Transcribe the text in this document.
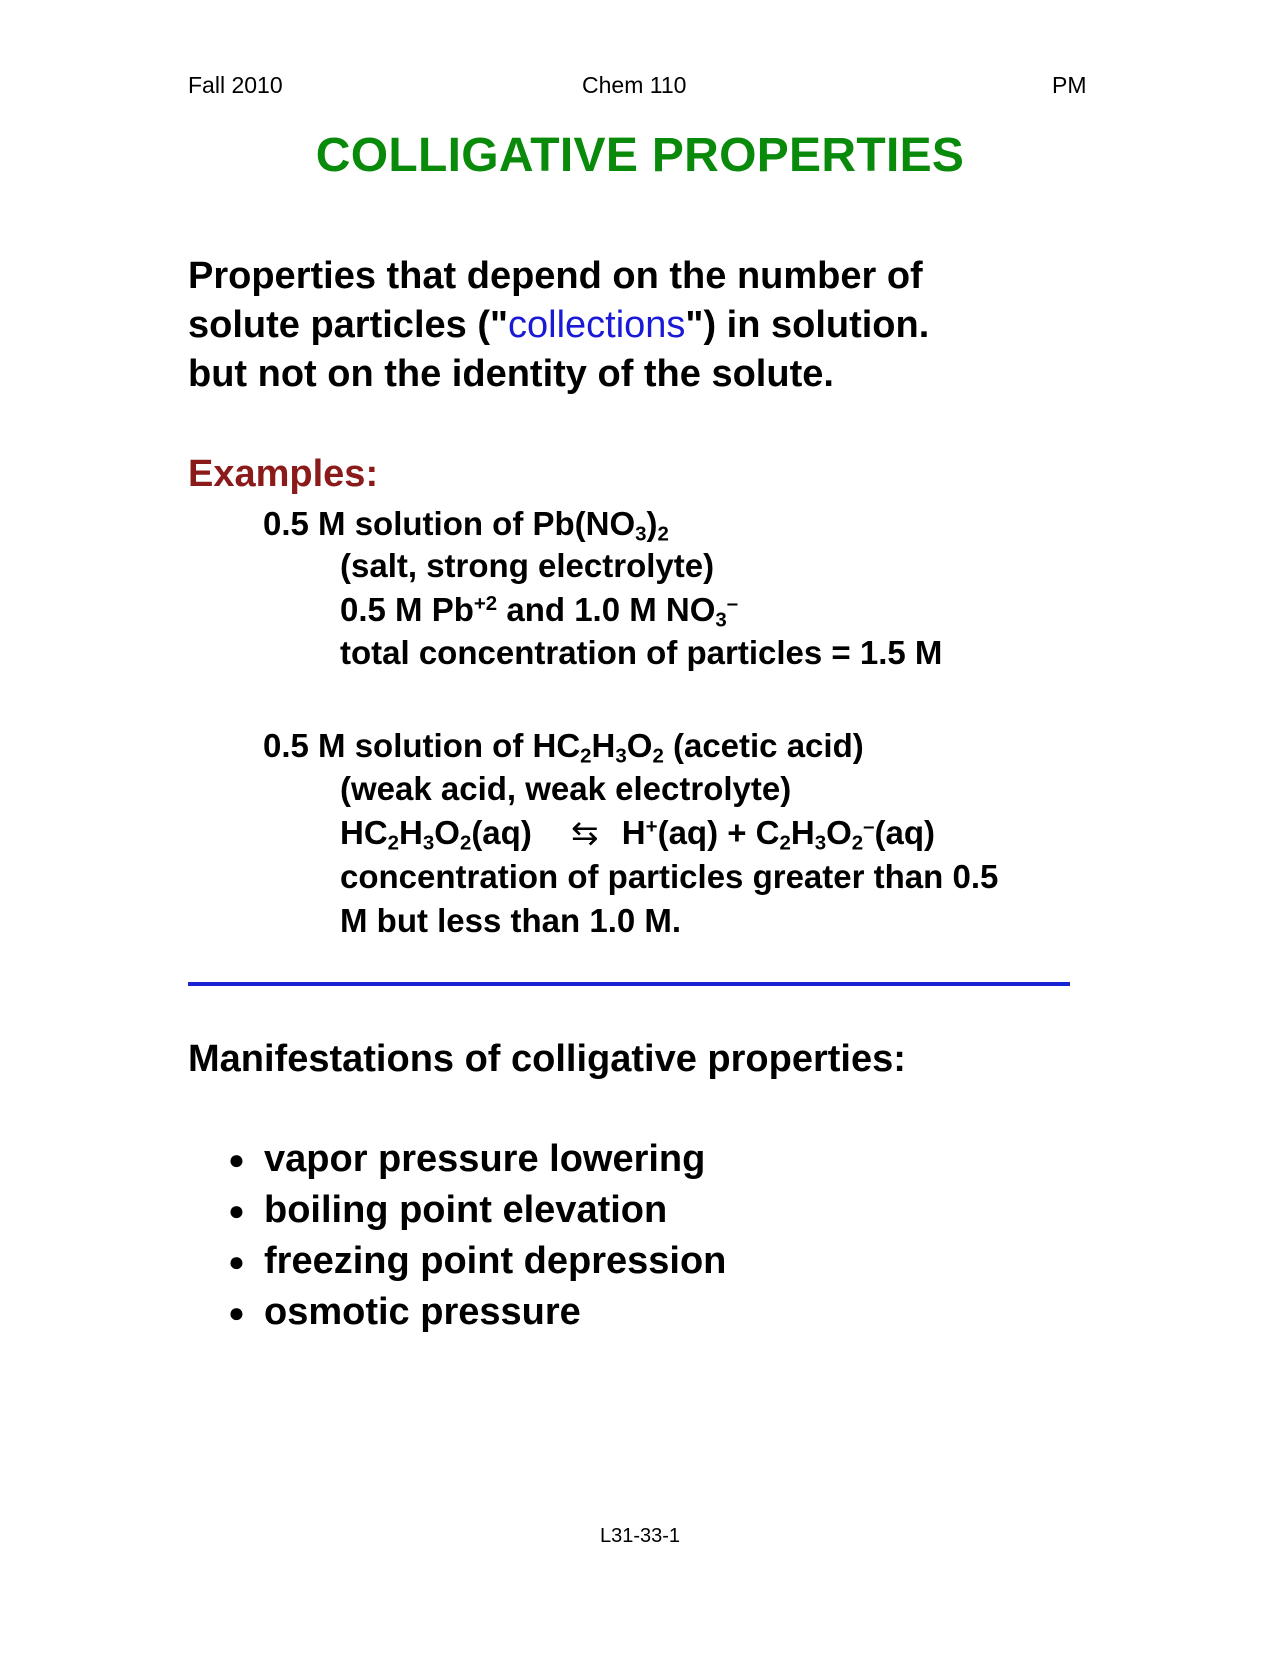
Fall 2010	Chem 110	PM
COLLIGATIVE PROPERTIES
Properties that depend on the number of
solute particles ("collections") in solution.
but not on the identity of the solute.
Examples:
0.5 M solution of $Pb(NO_3)_2$
(salt, strong electrolyte)
0.5 M $Pb^{+2}$ and 1.0 M $NO_3^-$
total concentration of particles = 1.5 M
0.5 M solution of $HC_2H_3O_2$ (acetic acid)
(weak acid, weak electrolyte)
$HC_2H_3O_2(aq)$ ⇆ $H^+(aq) + C_2H_3O_2^-(aq)$
concentration of particles greater than 0.5
M but less than 1.0 M.
Manifestations of colligative properties:
● vapor pressure lowering
● boiling point elevation
● freezing point depression
● osmotic pressure
L31-33-1
